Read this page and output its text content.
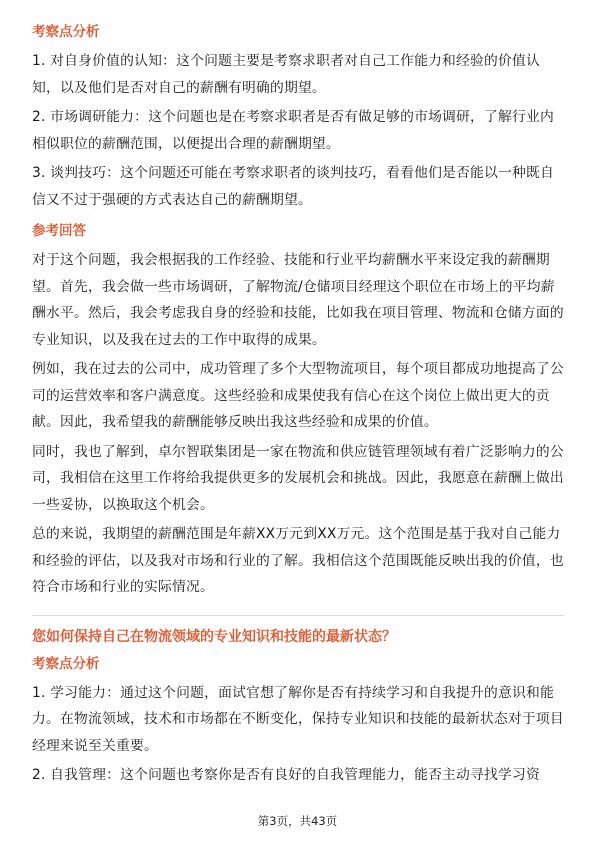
考察点分析

1. 对自身价值的认知：这个问题主要是考察求职者对自己工作能力和经验的价值认知，以及他们是否对自己的薪酬有明确的期望。

2. 市场调研能力：这个问题也是在考察求职者是否有做足够的市场调研，了解行业内相似职位的薪酬范围，以便提出合理的薪酬期望。

3. 谈判技巧：这个问题还可能在考察求职者的谈判技巧，看看他们是否能以一种既自信又不过于强硬的方式表达自己的薪酬期望。

参考回答

对于这个问题，我会根据我的工作经验、技能和行业平均薪酬水平来设定我的薪酬期望。首先，我会做一些市场调研，了解物流/仓储项目经理这个职位在市场上的平均薪酬水平。然后，我会考虑我自身的经验和技能，比如我在项目管理、物流和仓储方面的专业知识，以及我在过去的工作中取得的成果。

例如，我在过去的公司中，成功管理了多个大型物流项目，每个项目都成功地提高了公司的运营效率和客户满意度。这些经验和成果使我有信心在这个岗位上做出更大的贡献。因此，我希望我的薪酬能够反映出我这些经验和成果的价值。

同时，我也了解到，卓尔智联集团是一家在物流和供应链管理领域有着广泛影响力的公司，我相信在这里工作将给我提供更多的发展机会和挑战。因此，我愿意在薪酬上做出一些妥协，以换取这个机会。

总的来说，我期望的薪酬范围是年薪XX万元到XX万元。这个范围是基于我对自己能力和经验的评估，以及我对市场和行业的了解。我相信这个范围既能反映出我的价值，也符合市场和行业的实际情况。

您如何保持自己在物流领域的专业知识和技能的最新状态？
考察点分析

1. 学习能力：通过这个问题，面试官想了解你是否有持续学习和自我提升的意识和能力。在物流领域，技术和市场都在不断变化，保持专业知识和技能的最新状态对于项目经理来说至关重要。

2. 自我管理：这个问题也考察你是否有良好的自我管理能力，能否主动寻找学习资

第3页，共43页
